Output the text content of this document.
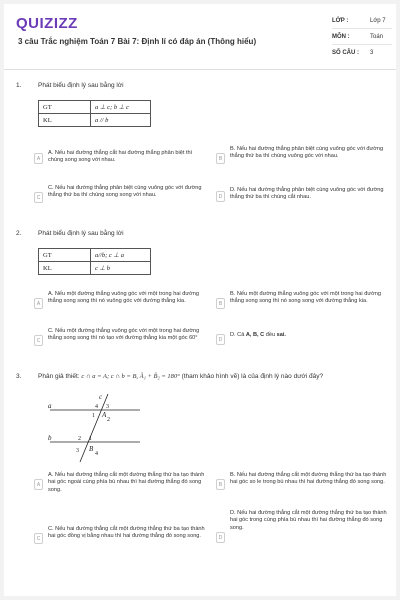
QUIZIZZ
3 câu Trắc nghiệm Toán 7 Bài 7: Định lí có đáp án (Thông hiểu)
LỚP :	Lớp 7
MÔN :	Toán
SỐ CÂU : 3
1.	Phát biểu định lý sau bằng lời
GT	a ⊥ c; b ⊥ c
KL	a // b
A
A. Nếu hai đường thẳng cắt hai đường thẳng phân biệt thì chúng song song với nhau.	B
B. Nếu hai đường thẳng phân biệt cùng vuông góc với đường thẳng thứ ba thì chúng vuông góc với nhau.
C
C. Nếu hai đường thẳng phân biệt cùng vuông góc với đường thẳng thứ ba thì chúng song song với nhau.	D
D. Nếu hai đường thẳng phân biệt cùng vuông góc với đường thẳng thứ ba thì chúng cắt nhau.
2.	Phát biểu định lý sau bằng lời
GT	a//b; c ⊥ a
KL	c ⊥ b
A
A. Nếu một đường thẳng vuông góc với một trong hai đường thẳng song song thì nó vuông góc với đường thẳng kia.	B
B. Nếu một đường thẳng vuông góc với một trong hai đường thẳng song song thì nó song song với đường thẳng kia.
C
C. Nếu một đường thẳng vuông góc với một trong hai đường thẳng song song thì nó tạo với đường thẳng kia một góc 60°	D
D. Cả A, B, C đều sai.
3.	Phân giả thiết: c ∩ a = A; c ∩ b = B, Â₁ + B̂₂ = 180° (tham khảo hình vẽ) là của định lý nào dưới đây?
a
b
c
A
B
4 3
1
2
2 1
3	4
A
A. Nếu hai đường thẳng cắt một đường thẳng thứ ba tạo thành hai góc ngoài cùng phía bù nhau thì hai đường thẳng đó song song.
B
B. Nếu hai đường thẳng cắt một đường thẳng thứ ba tạo thành hai góc so le trong bù nhau thì hai đường thẳng đó song song.
C
C. Nếu hai đường thẳng cắt một đường thẳng thứ ba tạo thành hai góc đồng vị bằng nhau thì hai đường thẳng đó song song.	D
D. Nếu hai đường thẳng cắt một đường thẳng thứ ba tạo thành hai góc trong cùng phía bù nhau thì hai đường thẳng đó song song.
